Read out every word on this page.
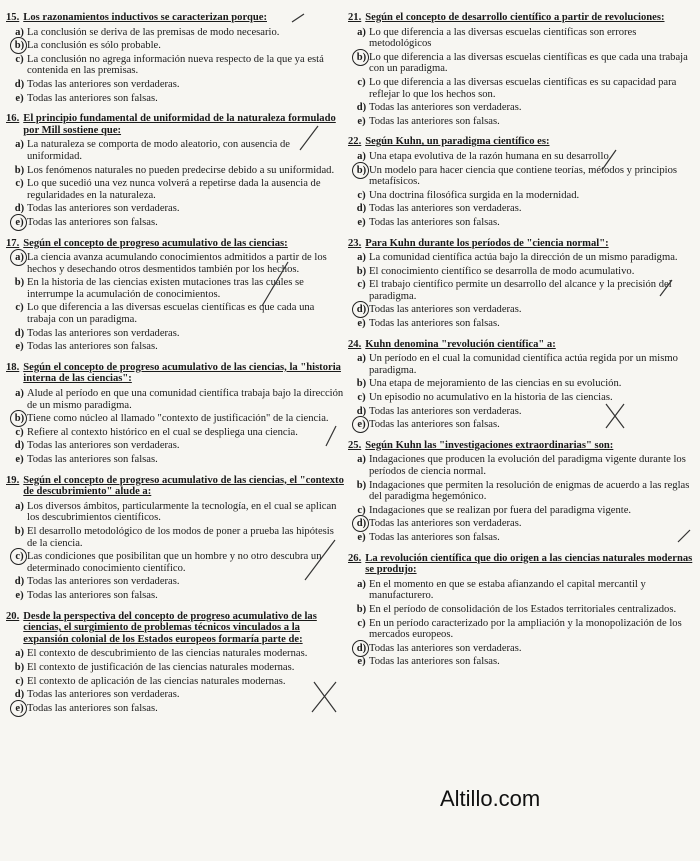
15. Los razonamientos inductivos se caracterizan porque:
a) La conclusión se deriva de las premisas de modo necesario.
b) La conclusión es sólo probable.
c) La conclusión no agrega información nueva respecto de la que ya está contenida en las premisas.
d) Todas las anteriores son verdaderas.
e) Todas las anteriores son falsas.
16. El principio fundamental de uniformidad de la naturaleza formulado por Mill sostiene que:
a) La naturaleza se comporta de modo aleatorio, con ausencia de uniformidad.
b) Los fenómenos naturales no pueden predecirse debido a su uniformidad.
c) Lo que sucedió una vez nunca volverá a repetirse dada la ausencia de regularidades en la naturaleza.
d) Todas las anteriores son verdaderas.
e) Todas las anteriores son falsas.
17. Según el concepto de progreso acumulativo de las ciencias:
a) La ciencia avanza acumulando conocimientos admitidos a partir de los hechos y desechando otros desmentidos también por los hechos.
b) En la historia de las ciencias existen mutaciones tras las cuales se interrumpe la acumulación de conocimientos.
c) Lo que diferencia a las diversas escuelas científicas es que cada una trabaja con un paradigma.
d) Todas las anteriores son verdaderas.
e) Todas las anteriores son falsas.
18. Según el concepto de progreso acumulativo de las ciencias, la "historia interna de las ciencias":
a) Alude al período en que una comunidad científica trabaja bajo la dirección de un mismo paradigma.
b) Tiene como núcleo al llamado "contexto de justificación" de la ciencia.
c) Refiere al contexto histórico en el cual se despliega una ciencia.
d) Todas las anteriores son verdaderas.
e) Todas las anteriores son falsas.
19. Según el concepto de progreso acumulativo de las ciencias, el "contexto de descubrimiento" alude a:
a) Los diversos ámbitos, particularmente la tecnología, en el cual se aplican los descubrimientos científicos.
b) El desarrollo metodológico de los modos de poner a prueba las hipótesis de la ciencia.
c) Las condiciones que posibilitan que un hombre y no otro descubra un determinado conocimiento científico.
d) Todas las anteriores son verdaderas.
e) Todas las anteriores son falsas.
20. Desde la perspectiva del concepto de progreso acumulativo de las ciencias, el surgimiento de problemas técnicos vinculados a la expansión colonial de los Estados europeos formaría parte de:
a) El contexto de descubrimiento de las ciencias naturales modernas.
b) El contexto de justificación de las ciencias naturales modernas.
c) El contexto de aplicación de las ciencias naturales modernas.
d) Todas las anteriores son verdaderas.
e) Todas las anteriores son falsas.
21. Según el concepto de desarrollo científico a partir de revoluciones:
a) Lo que diferencia a las diversas escuelas científicas son errores metodológicos
b) Lo que diferencia a las diversas escuelas científicas es que cada una trabaja con un paradigma.
c) Lo que diferencia a las diversas escuelas científicas es su capacidad para reflejar lo que los hechos son.
d) Todas las anteriores son verdaderas.
e) Todas las anteriores son falsas.
22. Según Kuhn, un paradigma científico es:
a) Una etapa evolutiva de la razón humana en su desarrollo.
b) Un modelo para hacer ciencia que contiene teorías, métodos y principios metafísicos.
c) Una doctrina filosófica surgida en la modernidad.
d) Todas las anteriores son verdaderas.
e) Todas las anteriores son falsas.
23. Para Kuhn durante los períodos de "ciencia normal":
a) La comunidad científica actúa bajo la dirección de un mismo paradigma.
b) El conocimiento científico se desarrolla de modo acumulativo.
c) El trabajo científico permite un desarrollo del alcance y la precisión del paradigma.
d) Todas las anteriores son verdaderas.
e) Todas las anteriores son falsas.
24. Kuhn denomina "revolución científica" a:
a) Un período en el cual la comunidad científica actúa regida por un mismo paradigma.
b) Una etapa de mejoramiento de las ciencias en su evolución.
c) Un episodio no acumulativo en la historia de las ciencias.
d) Todas las anteriores son verdaderas.
e) Todas las anteriores son falsas.
25. Según Kuhn las "investigaciones extraordinarias" son:
a) Indagaciones que producen la evolución del paradigma vigente durante los períodos de ciencia normal.
b) Indagaciones que permiten la resolución de enigmas de acuerdo a las reglas del paradigma hegemónico.
c) Indagaciones que se realizan por fuera del paradigma vigente.
d) Todas las anteriores son verdaderas.
e) Todas las anteriores son falsas.
26. La revolución científica que dio origen a las ciencias naturales modernas se produjo:
a) En el momento en que se estaba afianzando el capital mercantil y manufacturero.
b) En el período de consolidación de los Estados territoriales centralizados.
c) En un período caracterizado por la ampliación y la monopolización de los mercados europeos.
d) Todas las anteriores son verdaderas.
e) Todas las anteriores son falsas.
Altillo.com
